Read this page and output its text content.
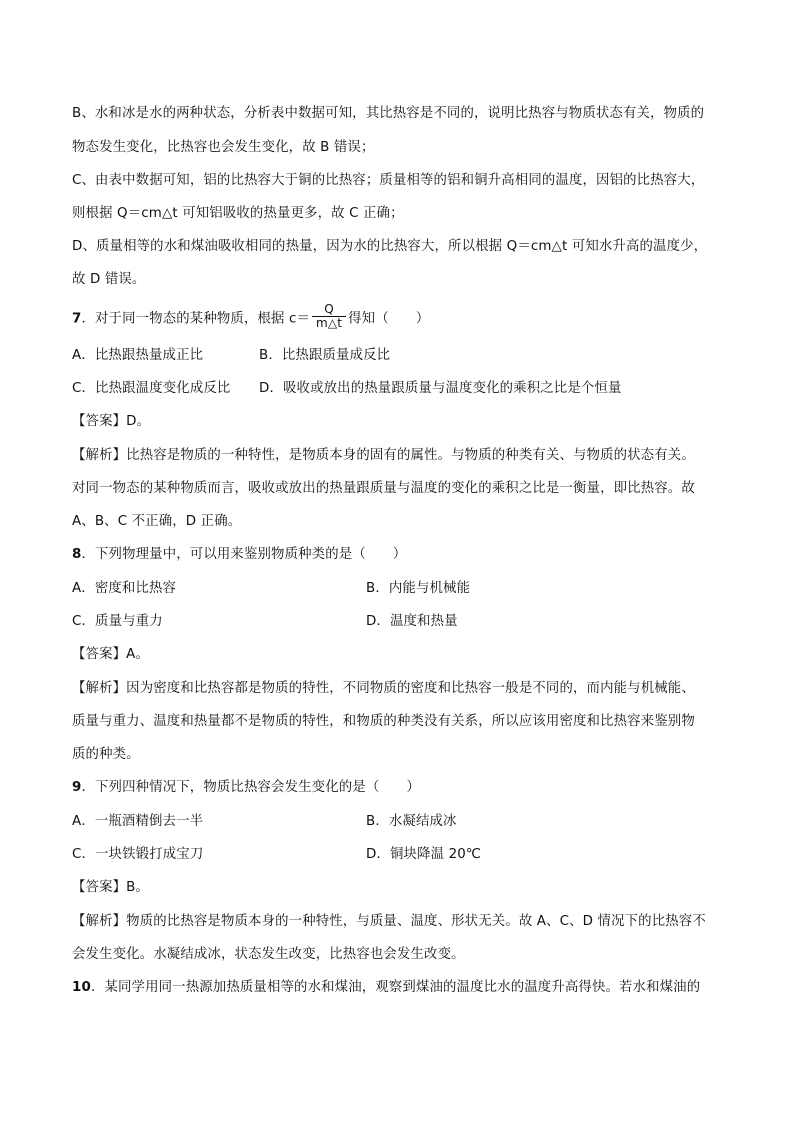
B、水和冰是水的两种状态，分析表中数据可知，其比热容是不同的，说明比热容与物质状态有关，物质的
物态发生变化，比热容也会发生变化，故 B 错误；
C、由表中数据可知，铝的比热容大于铜的比热容；质量相等的铝和铜升高相同的温度，因铝的比热容大，
则根据 Q＝cm△t 可知铝吸收的热量更多，故 C 正确；
D、质量相等的水和煤油吸收相同的热量，因为水的比热容大，所以根据 Q＝cm△t 可知水升高的温度少，
故 D 错误。
7．对于同一物态的某种物质，根据 $c= \frac{Q}{m\triangle t}$ 得知（　　）
A．比热跟热量成正比	B．比热跟质量成反比
C．比热跟温度变化成反比 D．吸收或放出的热量跟质量与温度变化的乘积之比是个恒量
【答案】D。
【解析】比热容是物质的一种特性，是物质本身的固有的属性。与物质的种类有关、与物质的状态有关。
对同一物态的某种物质而言，吸收或放出的热量跟质量与温度的变化的乘积之比是一衡量，即比热容。故
A、B、C 不正确，D 正确。
8．下列物理量中，可以用来鉴别物质种类的是（　　）
A．密度和比热容	B．内能与机械能
C．质量与重力	D．温度和热量
【答案】A。
【解析】因为密度和比热容都是物质的特性，不同物质的密度和比热容一般是不同的，而内能与机械能、
质量与重力、温度和热量都不是物质的特性，和物质的种类没有关系，所以应该用密度和比热容来鉴别物
质的种类。
9．下列四种情况下，物质比热容会发生变化的是（　　）
A．一瓶酒精倒去一半	B．水凝结成冰
C．一块铁锻打成宝刀	D．铜块降温 20℃
【答案】B。
【解析】物质的比热容是物质本身的一种特性，与质量、温度、形状无关。故 A、C、D 情况下的比热容不
会发生变化。水凝结成冰，状态发生改变，比热容也会发生改变。
10．某同学用同一热源加热质量相等的水和煤油，观察到煤油的温度比水的温度升高得快。若水和煤油的
